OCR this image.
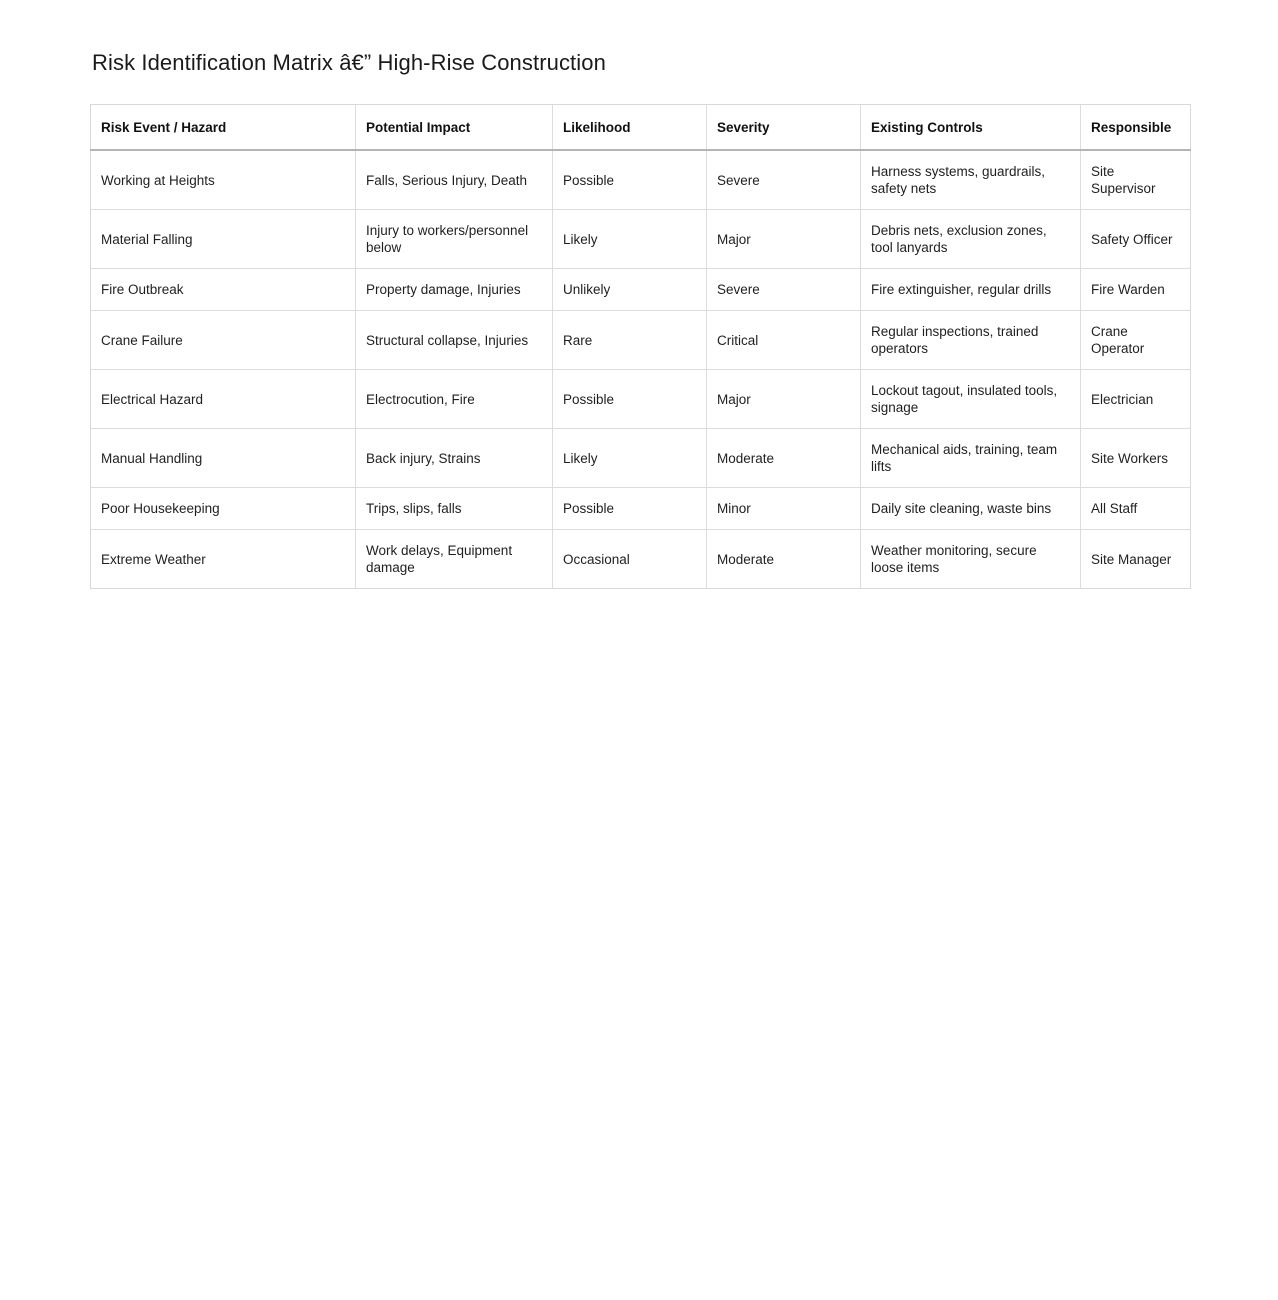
Risk Identification Matrix â€” High-Rise Construction
Risk Event / Hazard	Potential Impact	Likelihood	Severity	Existing Controls	Responsible
Working at Heights	Falls, Serious Injury, Death	Possible	Severe	Harness systems, guardrails, safety nets	Site Supervisor
Material Falling	Injury to workers/personnel below	Likely	Major	Debris nets, exclusion zones, tool lanyards	Safety Officer
Fire Outbreak	Property damage, Injuries	Unlikely	Severe	Fire extinguisher, regular drills	Fire Warden
Crane Failure	Structural collapse, Injuries	Rare	Critical	Regular inspections, trained operators	Crane Operator
Electrical Hazard	Electrocution, Fire	Possible	Major	Lockout tagout, insulated tools, signage	Electrician
Manual Handling	Back injury, Strains	Likely	Moderate	Mechanical aids, training, team lifts	Site Workers
Poor Housekeeping	Trips, slips, falls	Possible	Minor	Daily site cleaning, waste bins	All Staff
Extreme Weather	Work delays, Equipment damage	Occasional	Moderate	Weather monitoring, secure loose items	Site Manager
